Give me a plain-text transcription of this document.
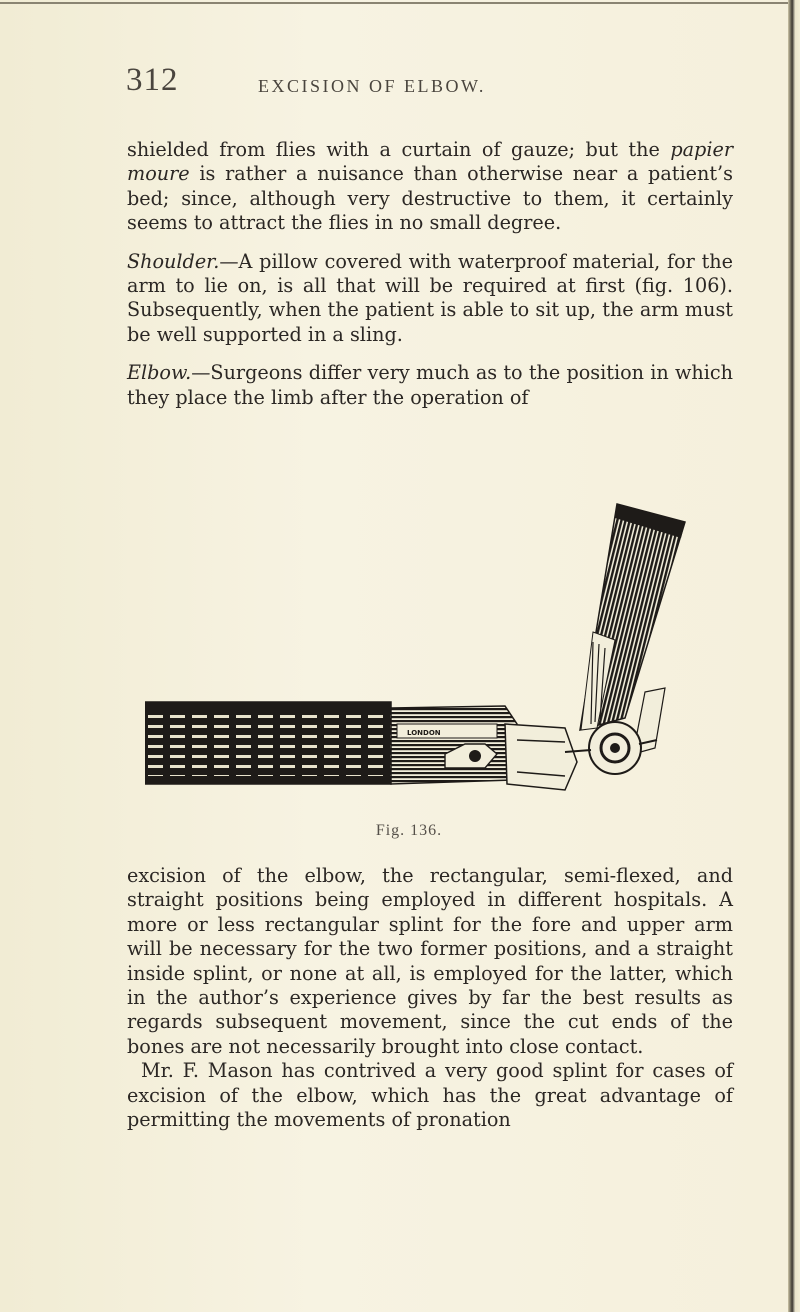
312	EXCISION OF ELBOW.

shielded from flies with a curtain of gauze; but the papier moure is rather a nuisance than otherwise near a patient’s bed; since, although very destructive to them, it certainly seems to attract the flies in no small degree.

Shoulder.—A pillow covered with waterproof material, for the arm to lie on, is all that will be required at first (fig. 106). Subsequently, when the patient is able to sit up, the arm must be well supported in a sling.

Elbow.—Surgeons differ very much as to the position in which they place the limb after the operation of

LONDON
Fig. 136.

excision of the elbow, the rectangular, semi-flexed, and straight positions being employed in different hospitals. A more or less rectangular splint for the fore and upper arm will be necessary for the two former positions, and a straight inside splint, or none at all, is employed for the latter, which in the author’s experience gives by far the best results as regards subsequent movement, since the cut ends of the bones are not necessarily brought into close contact.

Mr. F. Mason has contrived a very good splint for cases of excision of the elbow, which has the great advantage of permitting the movements of pronation
